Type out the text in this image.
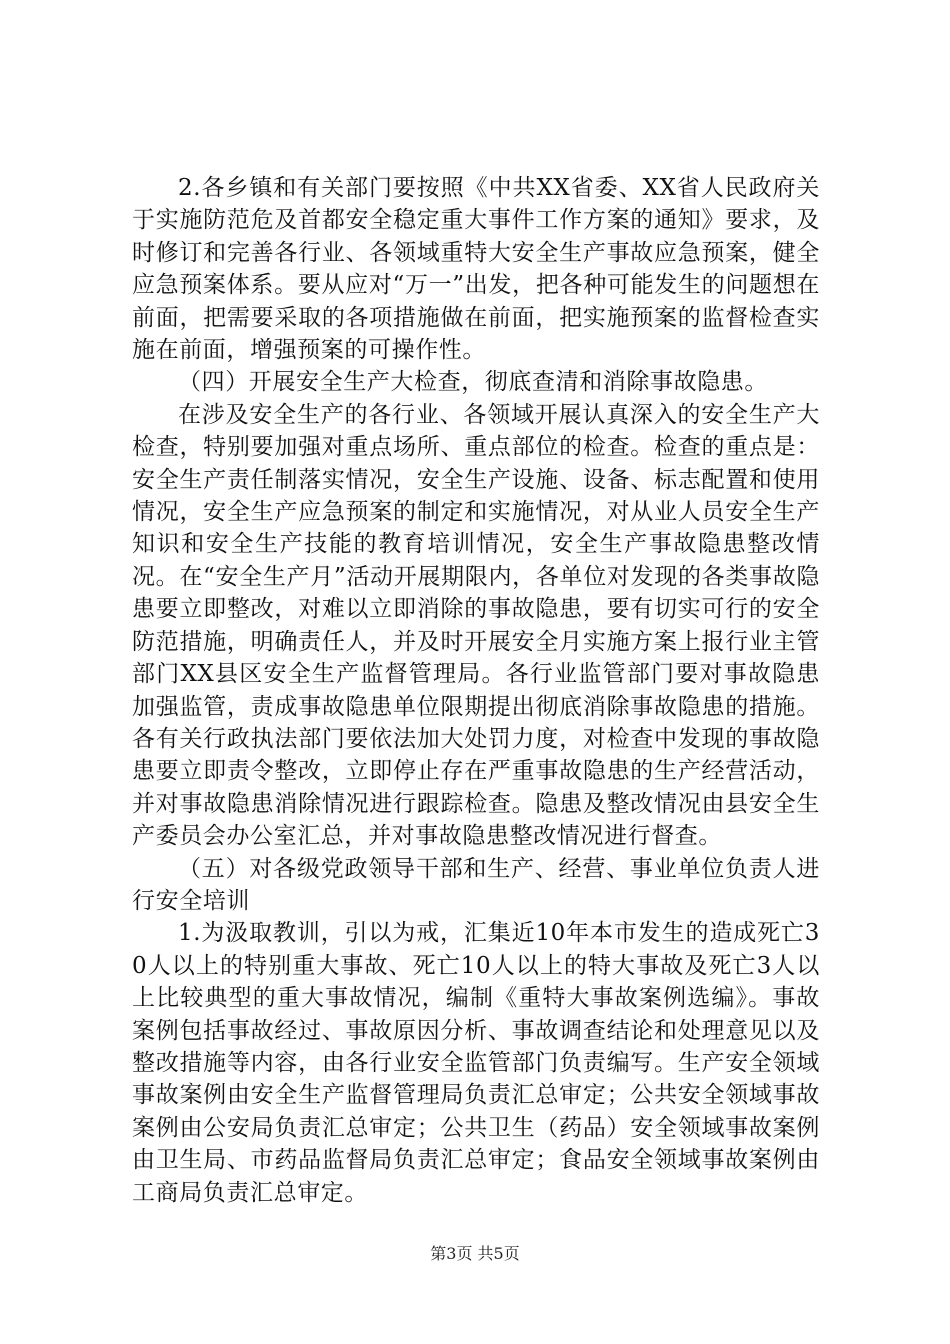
2.各乡镇和有关部门要按照《中共XX省委、XX省人民政府关于实施防范危及首都安全稳定重大事件工作方案的通知》要求，及时修订和完善各行业、各领域重特大安全生产事故应急预案，健全应急预案体系。要从应对“万一”出发，把各种可能发生的问题想在前面，把需要采取的各项措施做在前面，把实施预案的监督检查实施在前面，增强预案的可操作性。

（四）开展安全生产大检查，彻底查清和消除事故隐患。

在涉及安全生产的各行业、各领域开展认真深入的安全生产大检查，特别要加强对重点场所、重点部位的检查。检查的重点是：安全生产责任制落实情况，安全生产设施、设备、标志配置和使用情况，安全生产应急预案的制定和实施情况，对从业人员安全生产知识和安全生产技能的教育培训情况，安全生产事故隐患整改情况。在“安全生产月”活动开展期限内，各单位对发现的各类事故隐患要立即整改，对难以立即消除的事故隐患，要有切实可行的安全防范措施，明确责任人，并及时开展安全月实施方案上报行业主管部门XX县区安全生产监督管理局。各行业监管部门要对事故隐患加强监管，责成事故隐患单位限期提出彻底消除事故隐患的措施。各有关行政执法部门要依法加大处罚力度，对检查中发现的事故隐患要立即责令整改，立即停止存在严重事故隐患的生产经营活动，并对事故隐患消除情况进行跟踪检查。隐患及整改情况由县安全生产委员会办公室汇总，并对事故隐患整改情况进行督查。

（五）对各级党政领导干部和生产、经营、事业单位负责人进行安全培训

1.为汲取教训，引以为戒，汇集近10年本市发生的造成死亡30人以上的特别重大事故、死亡10人以上的特大事故及死亡3人以上比较典型的重大事故情况，编制《重特大事故案例选编》。事故案例包括事故经过、事故原因分析、事故调查结论和处理意见以及整改措施等内容，由各行业安全监管部门负责编写。生产安全领域事故案例由安全生产监督管理局负责汇总审定；公共安全领域事故案例由公安局负责汇总审定；公共卫生（药品）安全领域事故案例由卫生局、市药品监督局负责汇总审定；食品安全领域事故案例由工商局负责汇总审定。

第3页 共5页
